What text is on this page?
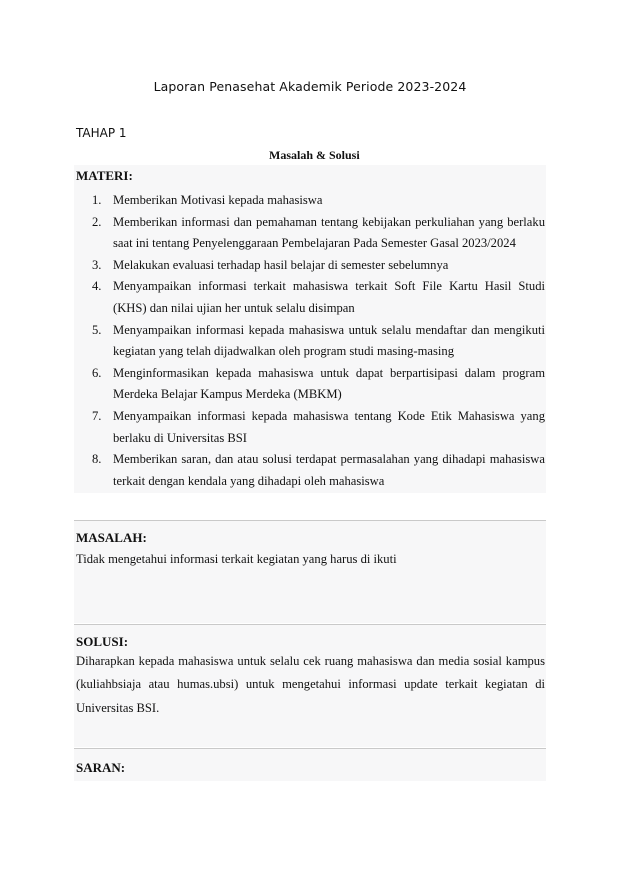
Laporan Penasehat Akademik Periode 2023-2024
TAHAP 1
Masalah & Solusi
MATERI:
1. Memberikan Motivasi kepada mahasiswa
2. Memberikan informasi dan pemahaman tentang kebijakan perkuliahan yang berlaku saat ini tentang Penyelenggaraan Pembelajaran Pada Semester Gasal 2023/2024
3. Melakukan evaluasi terhadap hasil belajar di semester sebelumnya
4. Menyampaikan informasi terkait mahasiswa terkait Soft File Kartu Hasil Studi (KHS) dan nilai ujian her untuk selalu disimpan
5. Menyampaikan informasi kepada mahasiswa untuk selalu mendaftar dan mengikuti kegiatan yang telah dijadwalkan oleh program studi masing-masing
6. Menginformasikan kepada mahasiswa untuk dapat berpartisipasi dalam program Merdeka Belajar Kampus Merdeka (MBKM)
7. Menyampaikan informasi kepada mahasiswa tentang Kode Etik Mahasiswa yang berlaku di Universitas BSI
8. Memberikan saran, dan atau solusi terdapat permasalahan yang dihadapi mahasiswa terkait dengan kendala yang dihadapi oleh mahasiswa
MASALAH:
Tidak mengetahui informasi terkait kegiatan yang harus di ikuti
SOLUSI:
Diharapkan kepada mahasiswa untuk selalu cek ruang mahasiswa dan media sosial kampus (kuliahbsiaja atau humas.ubsi) untuk mengetahui informasi update terkait kegiatan di Universitas BSI.
SARAN:
